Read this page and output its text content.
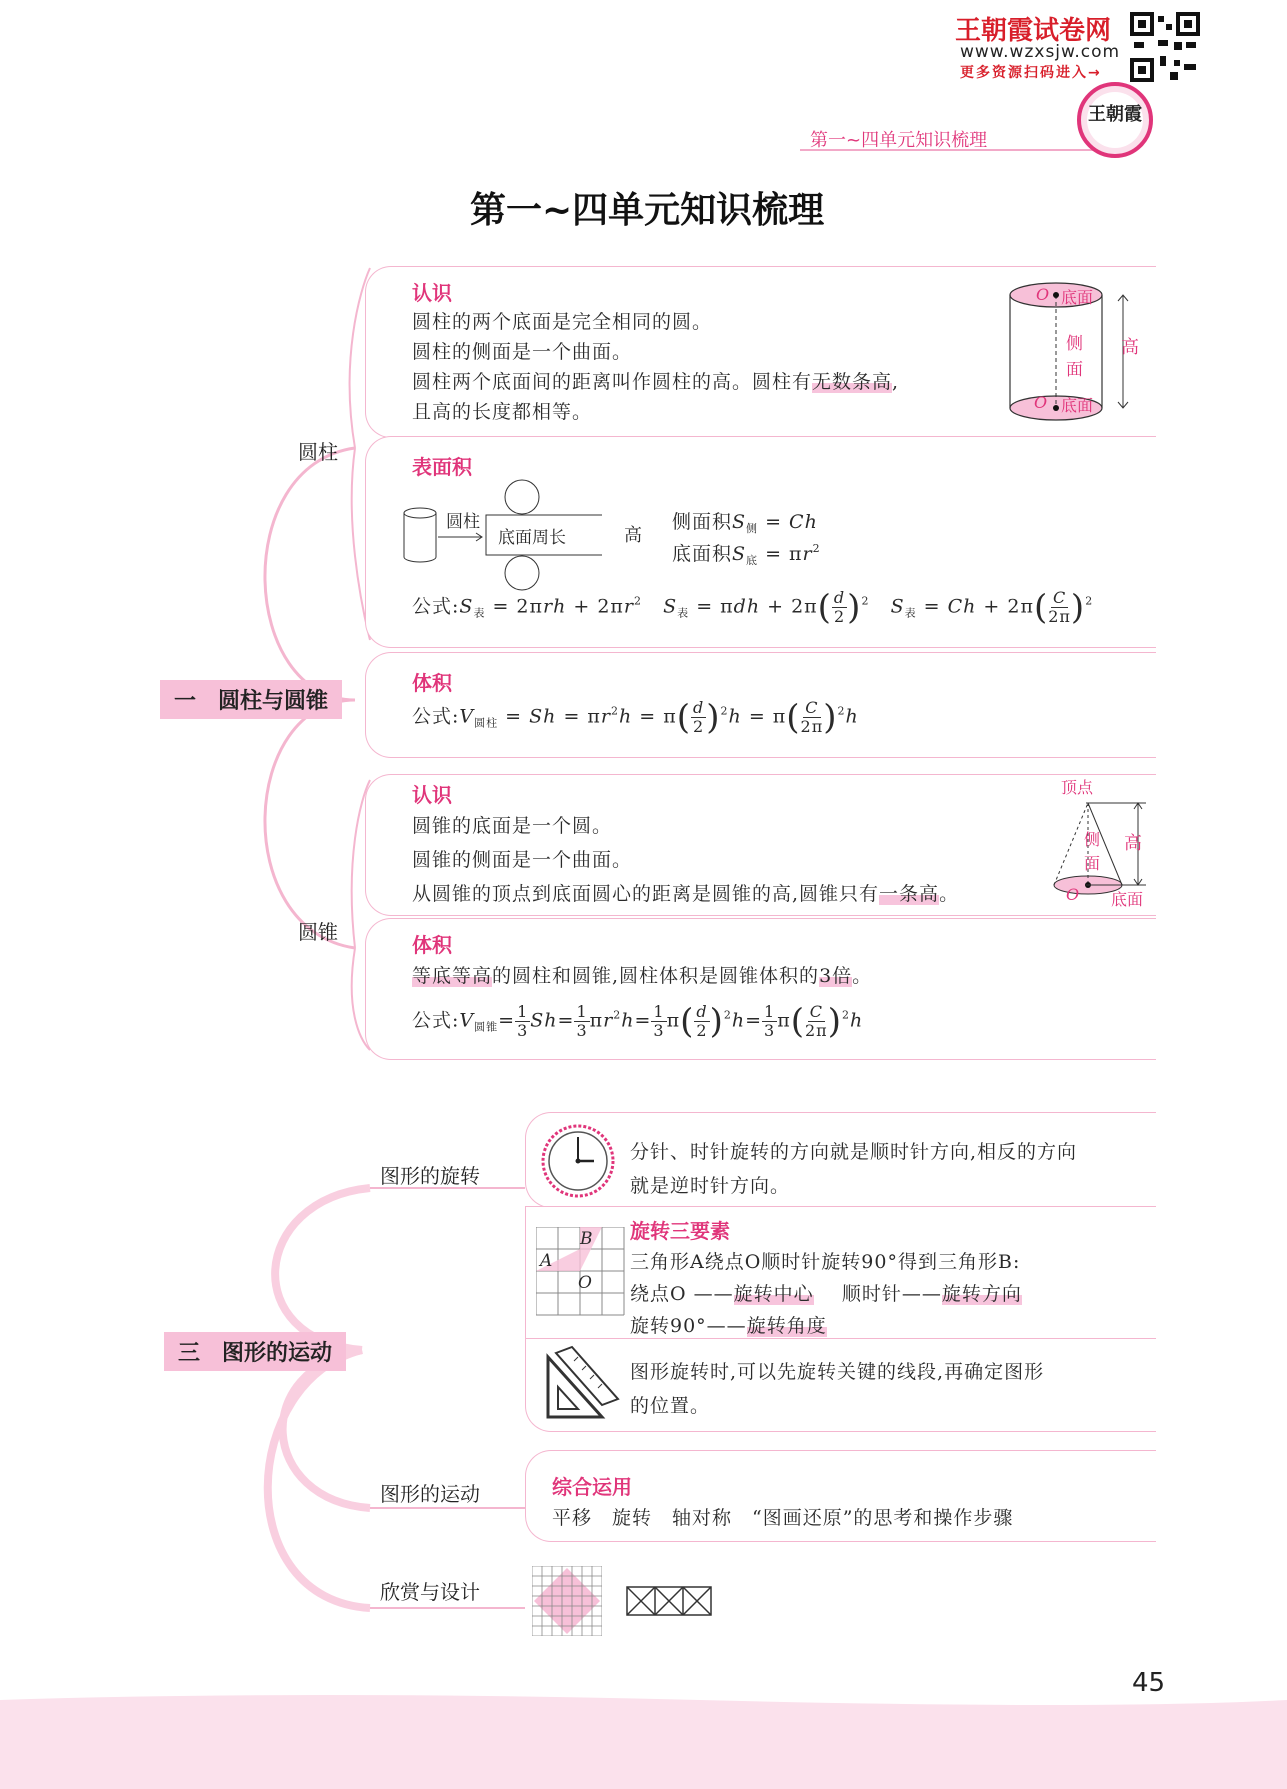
王朝霞试卷网
www.wzxsjw.com
更多资源扫码进入→
王朝霞
第一~四单元知识梳理
第一~四单元知识梳理
一　圆柱与圆锥
圆柱
圆锥
认识
圆柱的两个底面是完全相同的圆。
圆柱的侧面是一个曲面。
圆柱两个底面间的距离叫作圆柱的高。圆柱有无数条高,
且高的长度都相等。
O 底面
侧
面
高
O 底面
表面积
圆柱
底面周长	高
侧面积$S_侧 = Ch$
底面积$S_底 = \pi r^2$
公式$:S_表 = 2\pi rh + 2\pi r^2$ $S_表 = \pi dh + 2\pi( \frac{d}{2} )^2$ $S_表 = Ch + 2\pi( \frac{C}{2\pi} )^2$
体积
公式$:V_{圆柱} = Sh = \pi r^2h = \pi( \frac{d}{2} )^2h = \pi( \frac{C}{2\pi} )^2h$
认识
圆锥的底面是一个圆。
圆锥的侧面是一个曲面。
从圆锥的顶点到底面圆心的距离是圆锥的高,圆锥只有一条高。
顶点
侧
面
高
O 底面
体积
等底等高的圆柱和圆锥,圆柱体积是圆锥体积的3倍。
公式$:V_{圆锥}= \frac{1}{3} Sh= \frac{1}{3} \pi r^2h= \frac{1}{3} \pi( \frac{d}{2} )^2h= \frac{1}{3} \pi( \frac{C}{2\pi} )^2h$
三　图形的运动
图形的旋转
图形的运动
欣赏与设计
分针、时针旋转的方向就是顺时针方向,相反的方向
就是逆时针方向。
A
B
O
旋转三要素
三角形A绕点O顺时针旋转90°得到三角形B:
绕点O ——旋转中心 顺时针——旋转方向
旋转90°——旋转角度
图形旋转时,可以先旋转关键的线段,再确定图形
的位置。
综合运用
平移　旋转　轴对称　“图画还原”的思考和操作步骤
45
